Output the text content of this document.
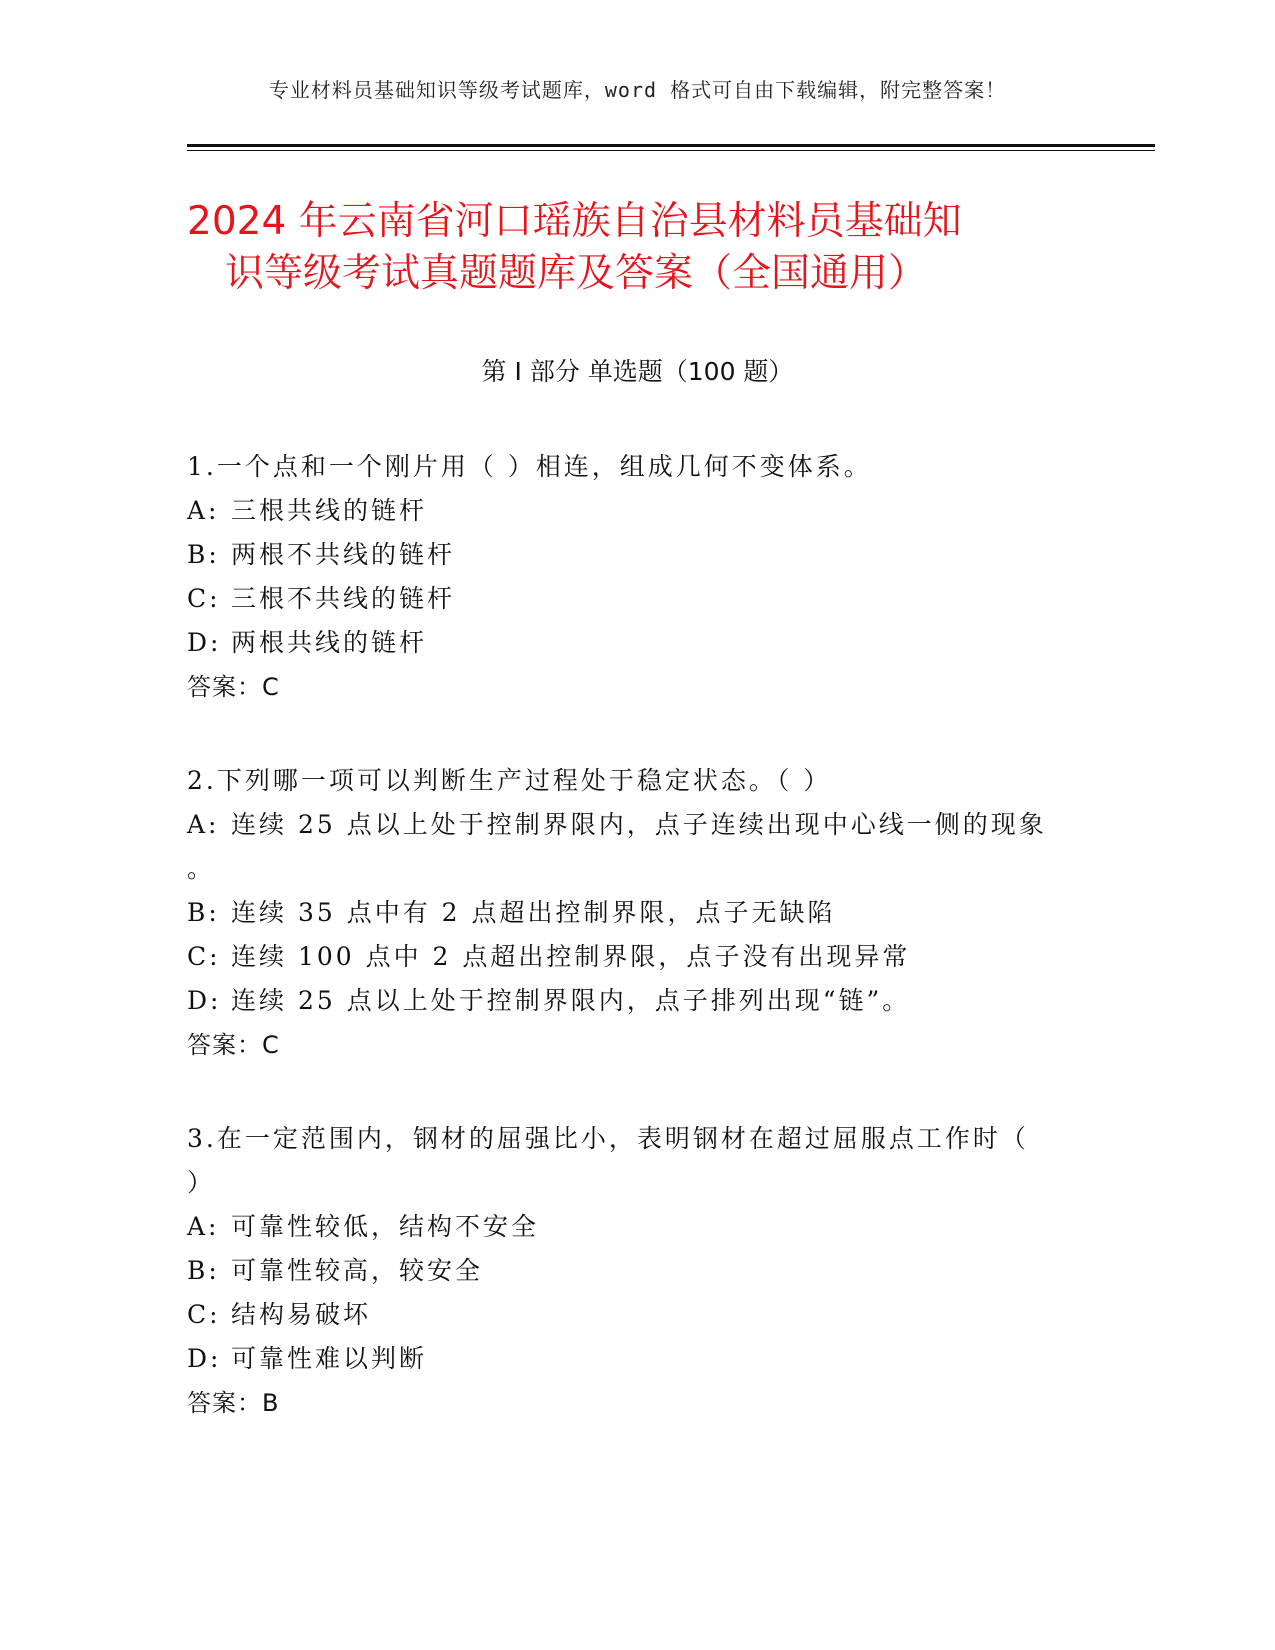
专业材料员基础知识等级考试题库，word 格式可自由下载编辑，附完整答案！
2024 年云南省河口瑶族自治县材料员基础知
识等级考试真题题库及答案（全国通用）
第 I 部分 单选题（100 题）
1.一个点和一个刚片用（ ）相连，组成几何不变体系。
A: 三根共线的链杆
B: 两根不共线的链杆
C: 三根不共线的链杆
D: 两根共线的链杆
答案：C
2.下列哪一项可以判断生产过程处于稳定状态。（ ）
A: 连续 25 点以上处于控制界限内，点子连续出现中心线一侧的现象
。
B: 连续 35 点中有 2 点超出控制界限，点子无缺陷
C: 连续 100 点中 2 点超出控制界限，点子没有出现异常
D: 连续 25 点以上处于控制界限内，点子排列出现“链”。
答案：C
3.在一定范围内，钢材的屈强比小，表明钢材在超过屈服点工作时（
）
A: 可靠性较低，结构不安全
B: 可靠性较高，较安全
C: 结构易破坏
D: 可靠性难以判断
答案：B
